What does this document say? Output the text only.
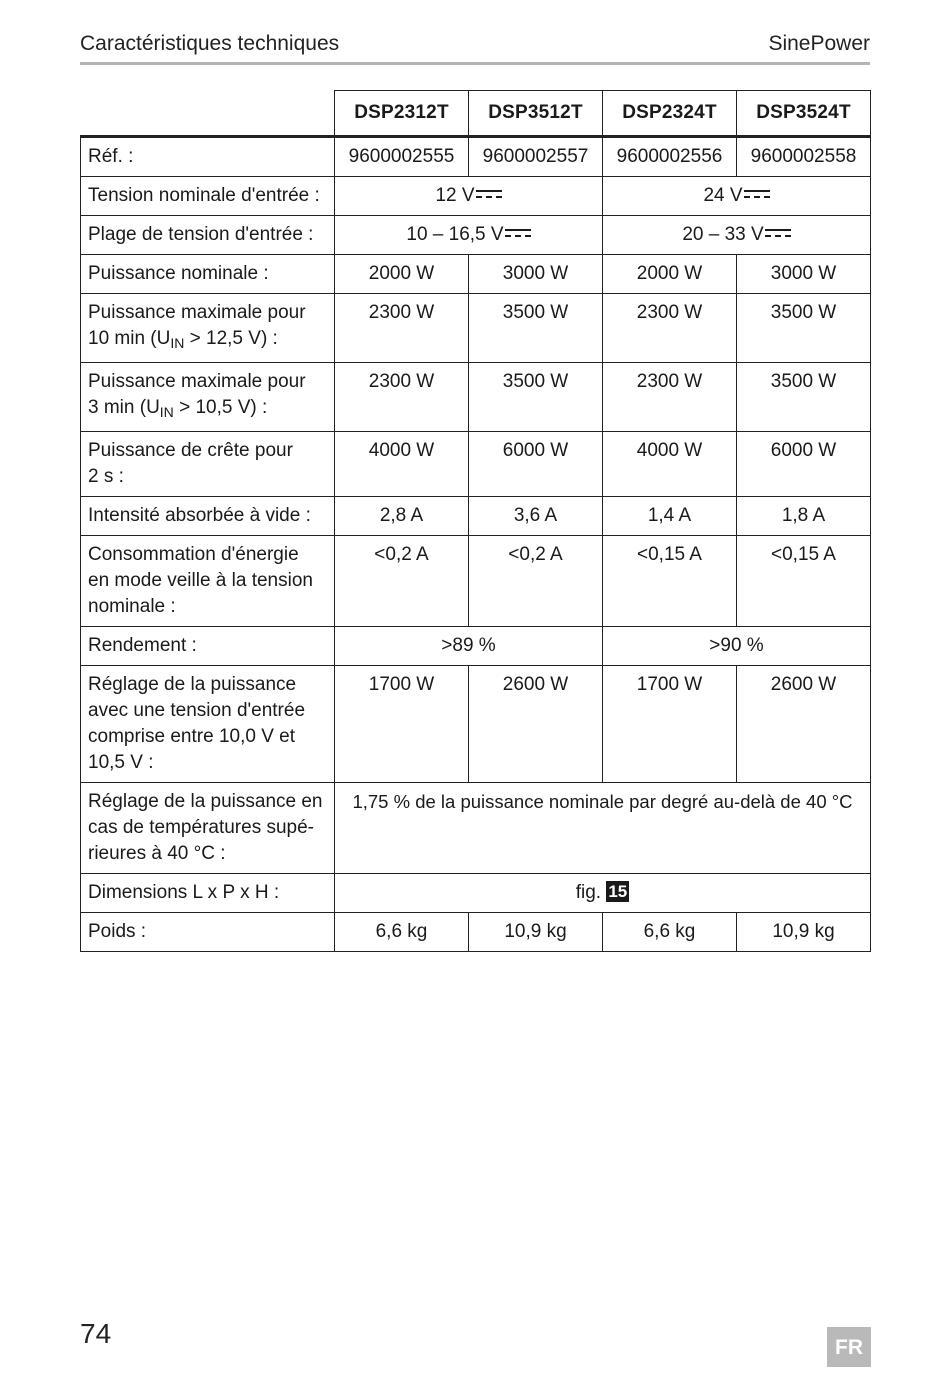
Caractéristiques techniques	SinePower
	DSP2312T	DSP3512T	DSP2324T	DSP3524T
Réf. :	9600002555	9600002557	9600002556	9600002558
Tension nominale d'entrée :	12 V		24 V	
Plage de tension d'entrée :	10 – 16,5 V		20 – 33 V	
Puissance nominale :	2000 W	3000 W	2000 W	3000 W
Puissance maximale pour
10 $\min (U_{IN} > 12,5$ V) :	2300 W	3500 W	2300 W	3500 W
Puissance maximale pour
3 $\min (U_{IN} > 10,5$ V) :	2300 W	3500 W	2300 W	3500 W
Puissance de crête pour
2 s :	4000 W	6000 W	4000 W	6000 W
Intensité absorbée à vide :	2,8 A	3,6 A	1,4 A	1,8 A
Consommation d'énergie
en mode veille à la tension
nominale :	<0,2 A	<0,2 A	<0,15 A	<0,15 A
Rendement :	>89 %		>90 %	
Réglage de la puissance
avec une tension d'entrée
comprise entre 10,0 V et
10,5 V :	1700 W	2600 W	1700 W	2600 W
Réglage de la puissance en
cas de températures supé-
rieures à 40 °C :	1,75 % de la puissance nominale par degré au-delà de 40 °C			
Dimensions L x P x H :	fig. 15			
Poids :	6,6 kg	10,9 kg	6,6 kg	10,9 kg
74	FR
